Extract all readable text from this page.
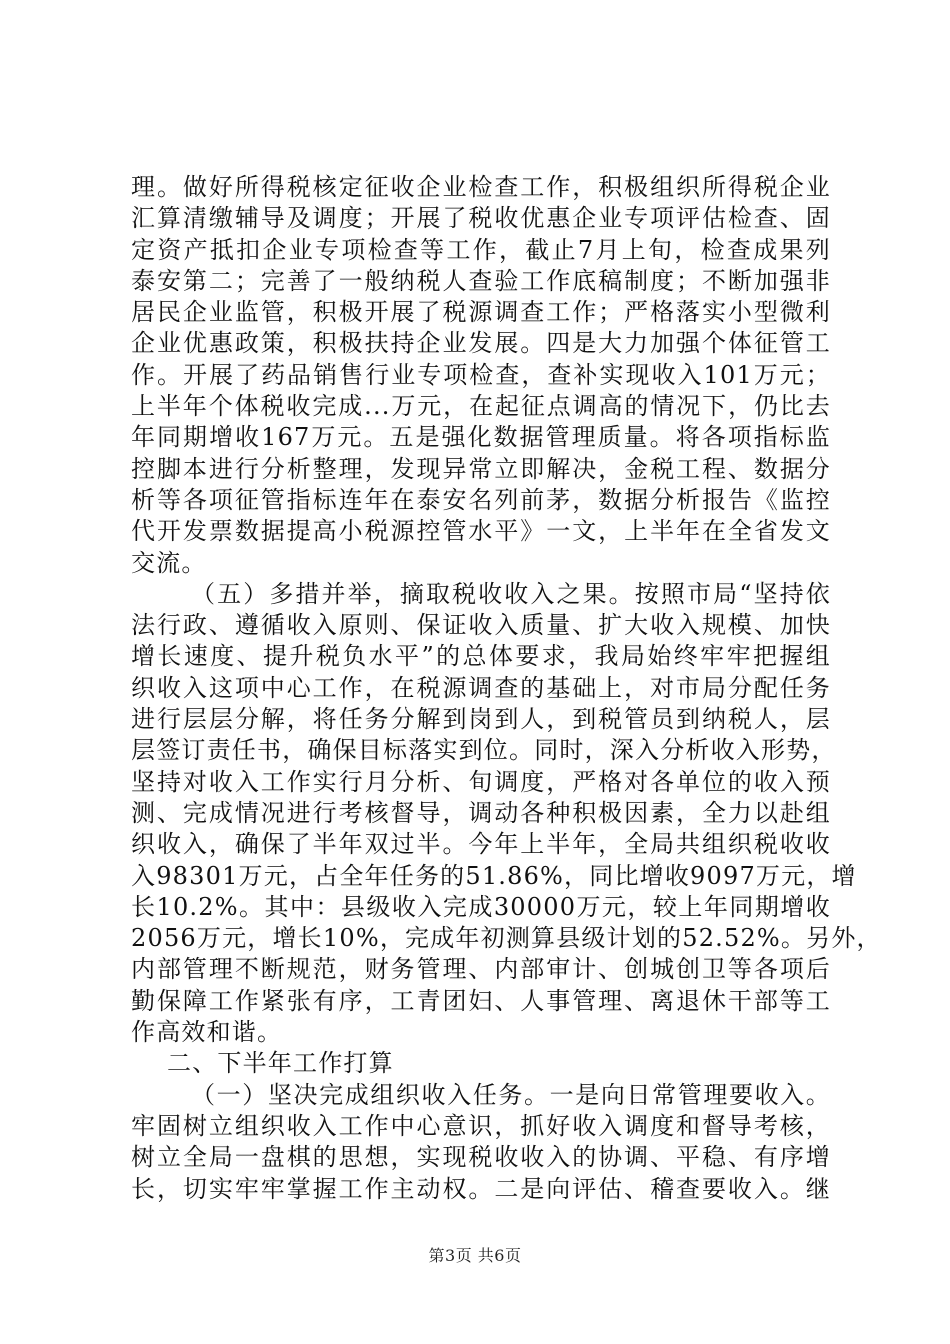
理。做好所得税核定征收企业检查工作，积极组织所得税企业
汇算清缴辅导及调度；开展了税收优惠企业专项评估检查、固
定资产抵扣企业专项检查等工作，截止7月上旬，检查成果列
泰安第二；完善了一般纳税人查验工作底稿制度；不断加强非
居民企业监管，积极开展了税源调查工作；严格落实小型微利
企业优惠政策，积极扶持企业发展。四是大力加强个体征管工
作。开展了药品销售行业专项检查，查补实现收入101万元；
上半年个体税收完成...万元，在起征点调高的情况下，仍比去
年同期增收167万元。五是强化数据管理质量。将各项指标监
控脚本进行分析整理，发现异常立即解决，金税工程、数据分
析等各项征管指标连年在泰安名列前茅，数据分析报告《监控
代开发票数据提高小税源控管水平》一文，上半年在全省发文
交流。
（五）多措并举，摘取税收收入之果。按照市局“坚持依
法行政、遵循收入原则、保证收入质量、扩大收入规模、加快
增长速度、提升税负水平”的总体要求，我局始终牢牢把握组
织收入这项中心工作，在税源调查的基础上，对市局分配任务
进行层层分解，将任务分解到岗到人，到税管员到纳税人，层
层签订责任书，确保目标落实到位。同时，深入分析收入形势，
坚持对收入工作实行月分析、旬调度，严格对各单位的收入预
测、完成情况进行考核督导，调动各种积极因素，全力以赴组
织收入，确保了半年双过半。今年上半年，全局共组织税收收
入98301万元，占全年任务的51.86%，同比增收9097万元，增
长10.2%。其中：县级收入完成30000万元，较上年同期增收
2056万元，增长10%，完成年初测算县级计划的52.52%。另外，
内部管理不断规范，财务管理、内部审计、创城创卫等各项后
勤保障工作紧张有序，工青团妇、人事管理、离退休干部等工
作高效和谐。
二、下半年工作打算
（一）坚决完成组织收入任务。一是向日常管理要收入。
牢固树立组织收入工作中心意识，抓好收入调度和督导考核，
树立全局一盘棋的思想，实现税收收入的协调、平稳、有序增
长，切实牢牢掌握工作主动权。二是向评估、稽查要收入。继
第3页 共6页
